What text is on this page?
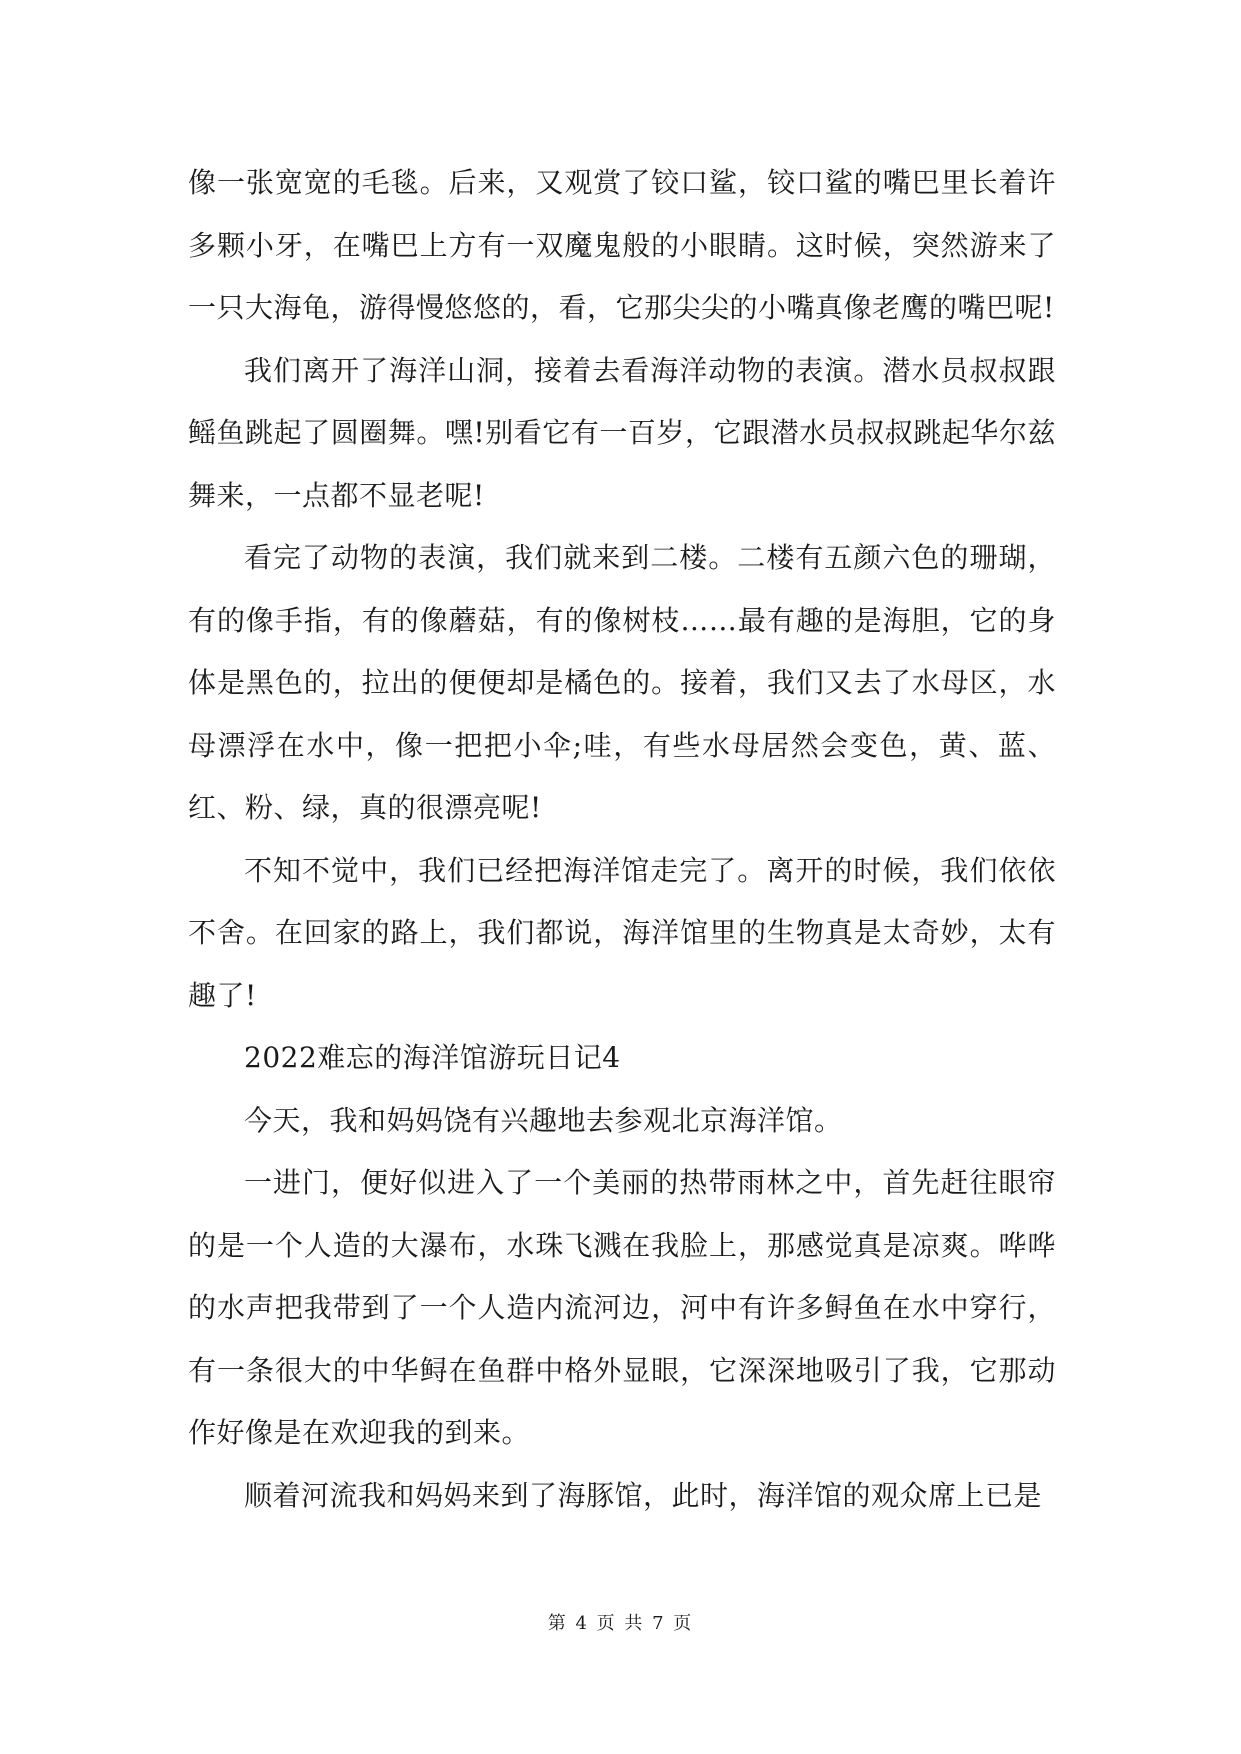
像一张宽宽的毛毯。后来，又观赏了铰口鲨，铰口鲨的嘴巴里长着许多颗小牙，在嘴巴上方有一双魔鬼般的小眼睛。这时候，突然游来了一只大海龟，游得慢悠悠的，看，它那尖尖的小嘴真像老鹰的嘴巴呢!

我们离开了海洋山洞，接着去看海洋动物的表演。潜水员叔叔跟鳐鱼跳起了圆圈舞。嘿!别看它有一百岁，它跟潜水员叔叔跳起华尔兹舞来，一点都不显老呢!

看完了动物的表演，我们就来到二楼。二楼有五颜六色的珊瑚，有的像手指，有的像蘑菇，有的像树枝……最有趣的是海胆，它的身体是黑色的，拉出的便便却是橘色的。接着，我们又去了水母区，水母漂浮在水中，像一把把小伞;哇，有些水母居然会变色，黄、蓝、红、粉、绿，真的很漂亮呢!

不知不觉中，我们已经把海洋馆走完了。离开的时候，我们依依不舍。在回家的路上，我们都说，海洋馆里的生物真是太奇妙，太有趣了!

2022难忘的海洋馆游玩日记4

今天，我和妈妈饶有兴趣地去参观北京海洋馆。

一进门，便好似进入了一个美丽的热带雨林之中，首先赶往眼帘的是一个人造的大瀑布，水珠飞溅在我脸上，那感觉真是凉爽。哗哗的水声把我带到了一个人造内流河边，河中有许多鲟鱼在水中穿行，有一条很大的中华鲟在鱼群中格外显眼，它深深地吸引了我，它那动作好像是在欢迎我的到来。

顺着河流我和妈妈来到了海豚馆，此时，海洋馆的观众席上已是

第 4 页 共 7 页
